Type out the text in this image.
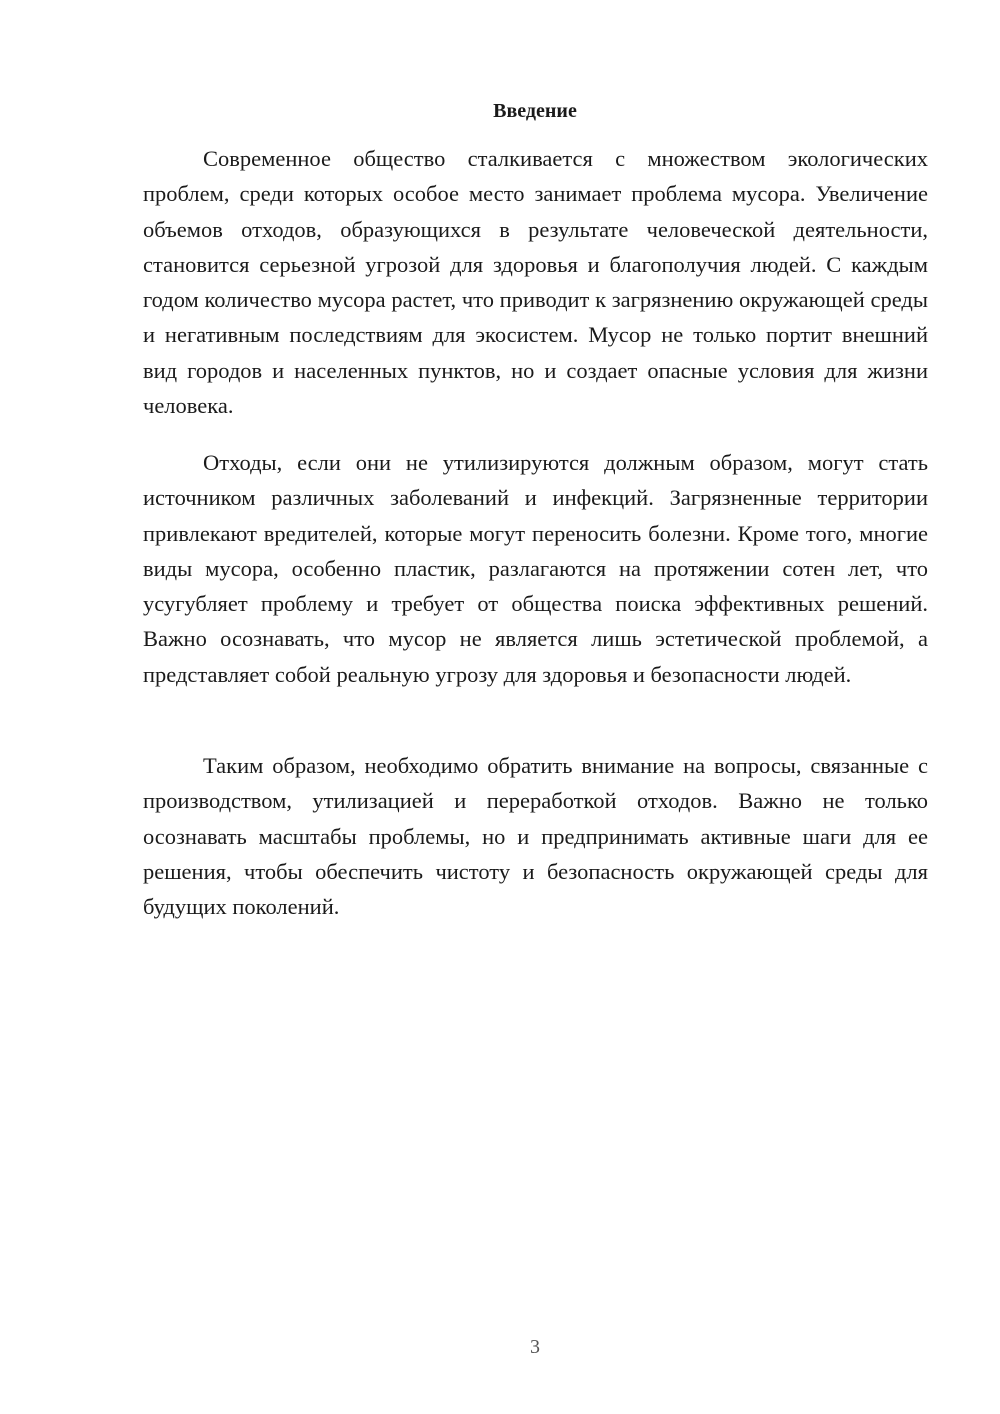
Введение

Современное общество сталкивается с множеством экологических проблем, среди которых особое место занимает проблема мусора. Увеличение объемов отходов, образующихся в результате человеческой деятельности, становится серьезной угрозой для здоровья и благополучия людей. С каждым годом количество мусора растет, что приводит к загрязнению окружающей среды и негативным последствиям для экосистем. Мусор не только портит внешний вид городов и населенных пунктов, но и создает опасные условия для жизни человека.

Отходы, если они не утилизируются должным образом, могут стать источником различных заболеваний и инфекций. Загрязненные территории привлекают вредителей, которые могут переносить болезни. Кроме того, многие виды мусора, особенно пластик, разлагаются на протяжении сотен лет, что усугубляет проблему и требует от общества поиска эффективных решений. Важно осознавать, что мусор не является лишь эстетической проблемой, а представляет собой реальную угрозу для здоровья и безопасности людей.

Таким образом, необходимо обратить внимание на вопросы, связанные с производством, утилизацией и переработкой отходов. Важно не только осознавать масштабы проблемы, но и предпринимать активные шаги для ее решения, чтобы обеспечить чистоту и безопасность окружающей среды для будущих поколений.

3
